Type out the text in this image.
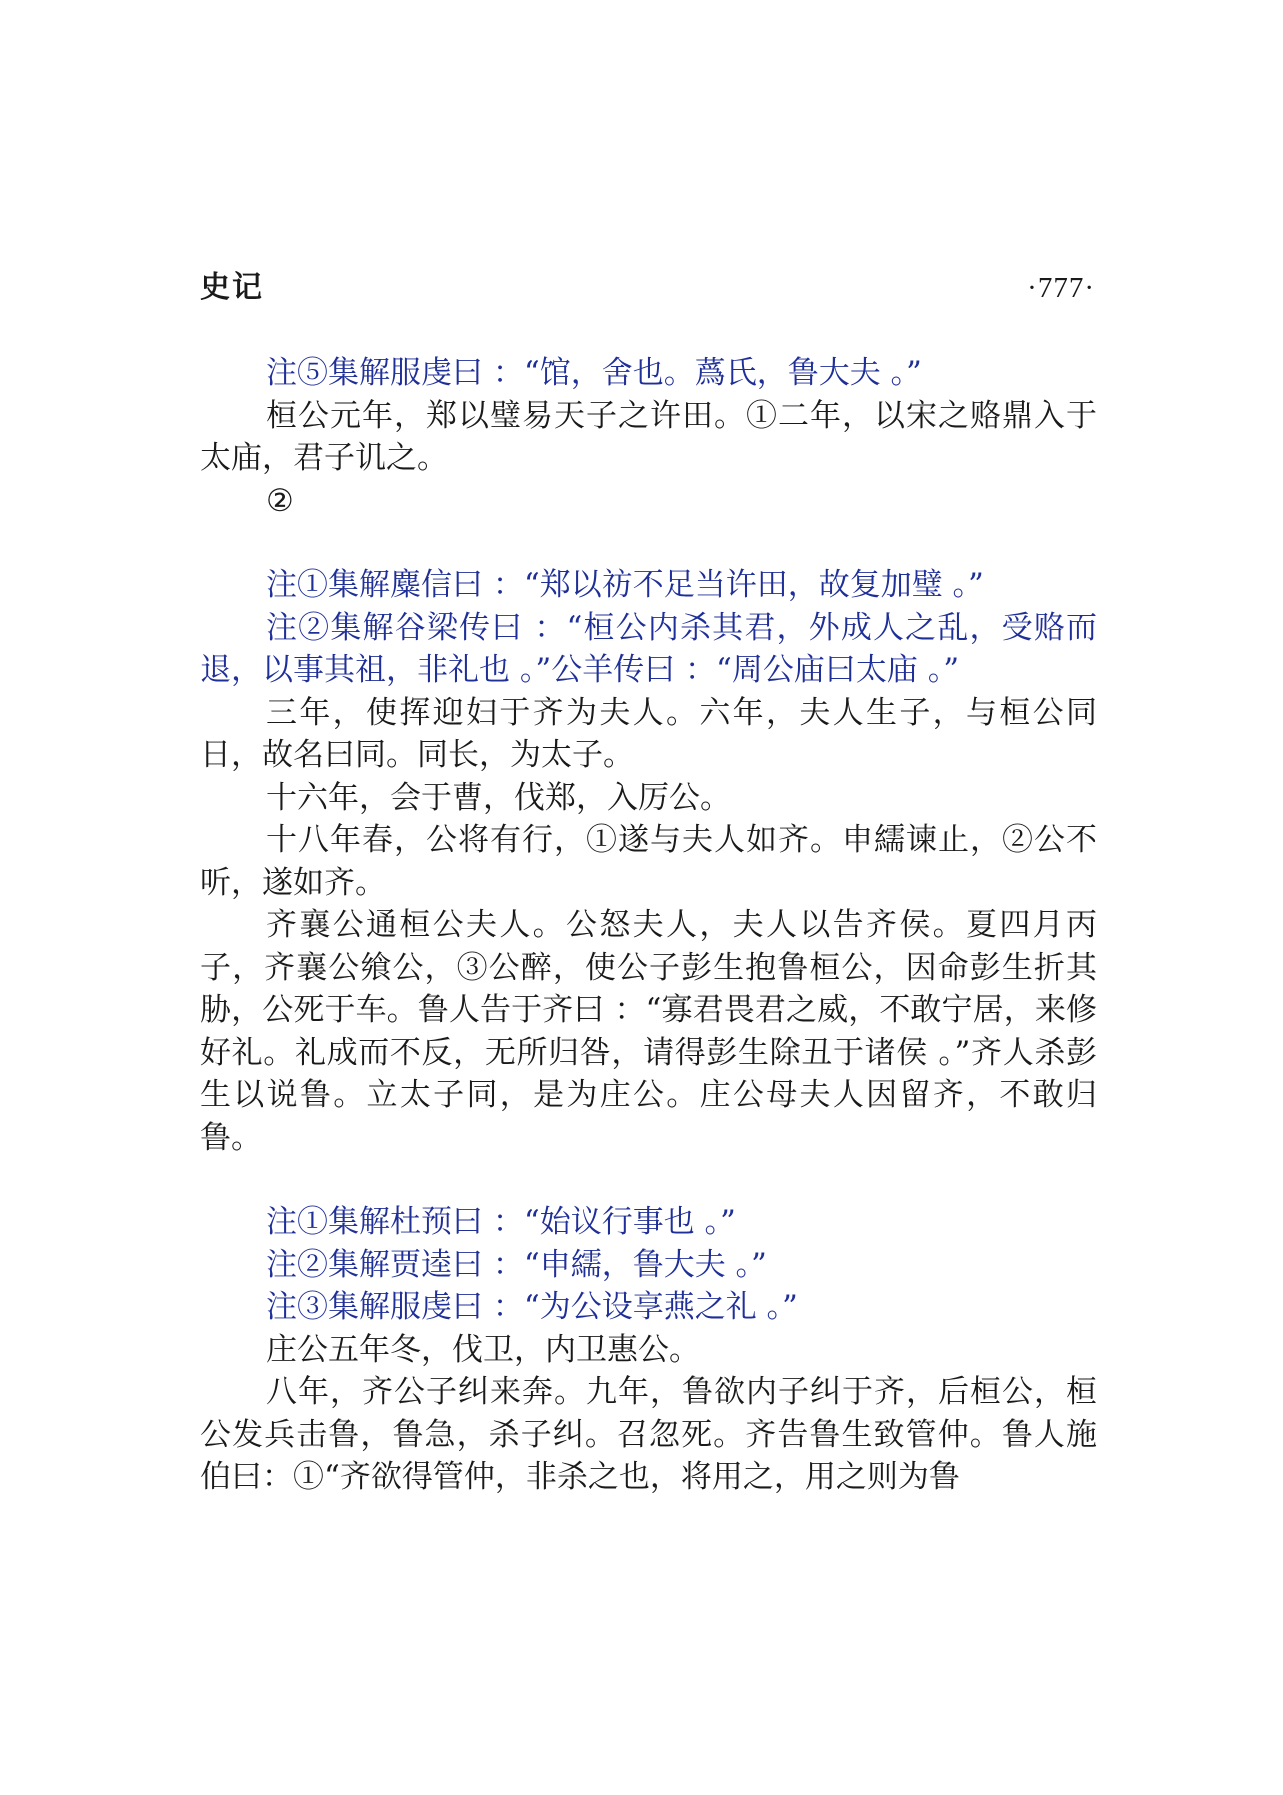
史记	·777·

注⑤集解服虔曰 ：“馆，舍也。蔿氏，鲁大夫 。”

桓公元年，郑以璧易天子之许田。①二年，以宋之赂鼎入于太庙，君子讥之。

②

注①集解麋信曰 ：“郑以祊不足当许田，故复加璧 。”

注②集解谷梁传曰 ：“桓公内杀其君，外成人之乱，受赂而退，以事其祖，非礼也 。”公羊传曰 ：“周公庙曰太庙 。”

三年，使挥迎妇于齐为夫人。六年，夫人生子，与桓公同日，故名曰同。同长，为太子。

十六年，会于曹，伐郑，入厉公。

十八年春，公将有行，①遂与夫人如齐。申繻谏止，②公不听，遂如齐。

齐襄公通桓公夫人。公怒夫人，夫人以告齐侯。夏四月丙子，齐襄公飨公，③公醉，使公子彭生抱鲁桓公，因命彭生折其胁，公死于车。鲁人告于齐曰 ：“寡君畏君之威，不敢宁居，来修好礼。礼成而不反，无所归咎，请得彭生除丑于诸侯 。”齐人杀彭生以说鲁。立太子同，是为庄公。庄公母夫人因留齐，不敢归鲁。

注①集解杜预曰 ：“始议行事也 。”

注②集解贾逵曰 ：“申繻，鲁大夫 。”

注③集解服虔曰 ：“为公设享燕之礼 。”

庄公五年冬，伐卫，内卫惠公。

八年，齐公子纠来奔。九年，鲁欲内子纠于齐，后桓公，桓公发兵击鲁，鲁急，杀子纠。召忽死。齐告鲁生致管仲。鲁人施伯曰：①“齐欲得管仲，非杀之也，将用之，用之则为鲁
